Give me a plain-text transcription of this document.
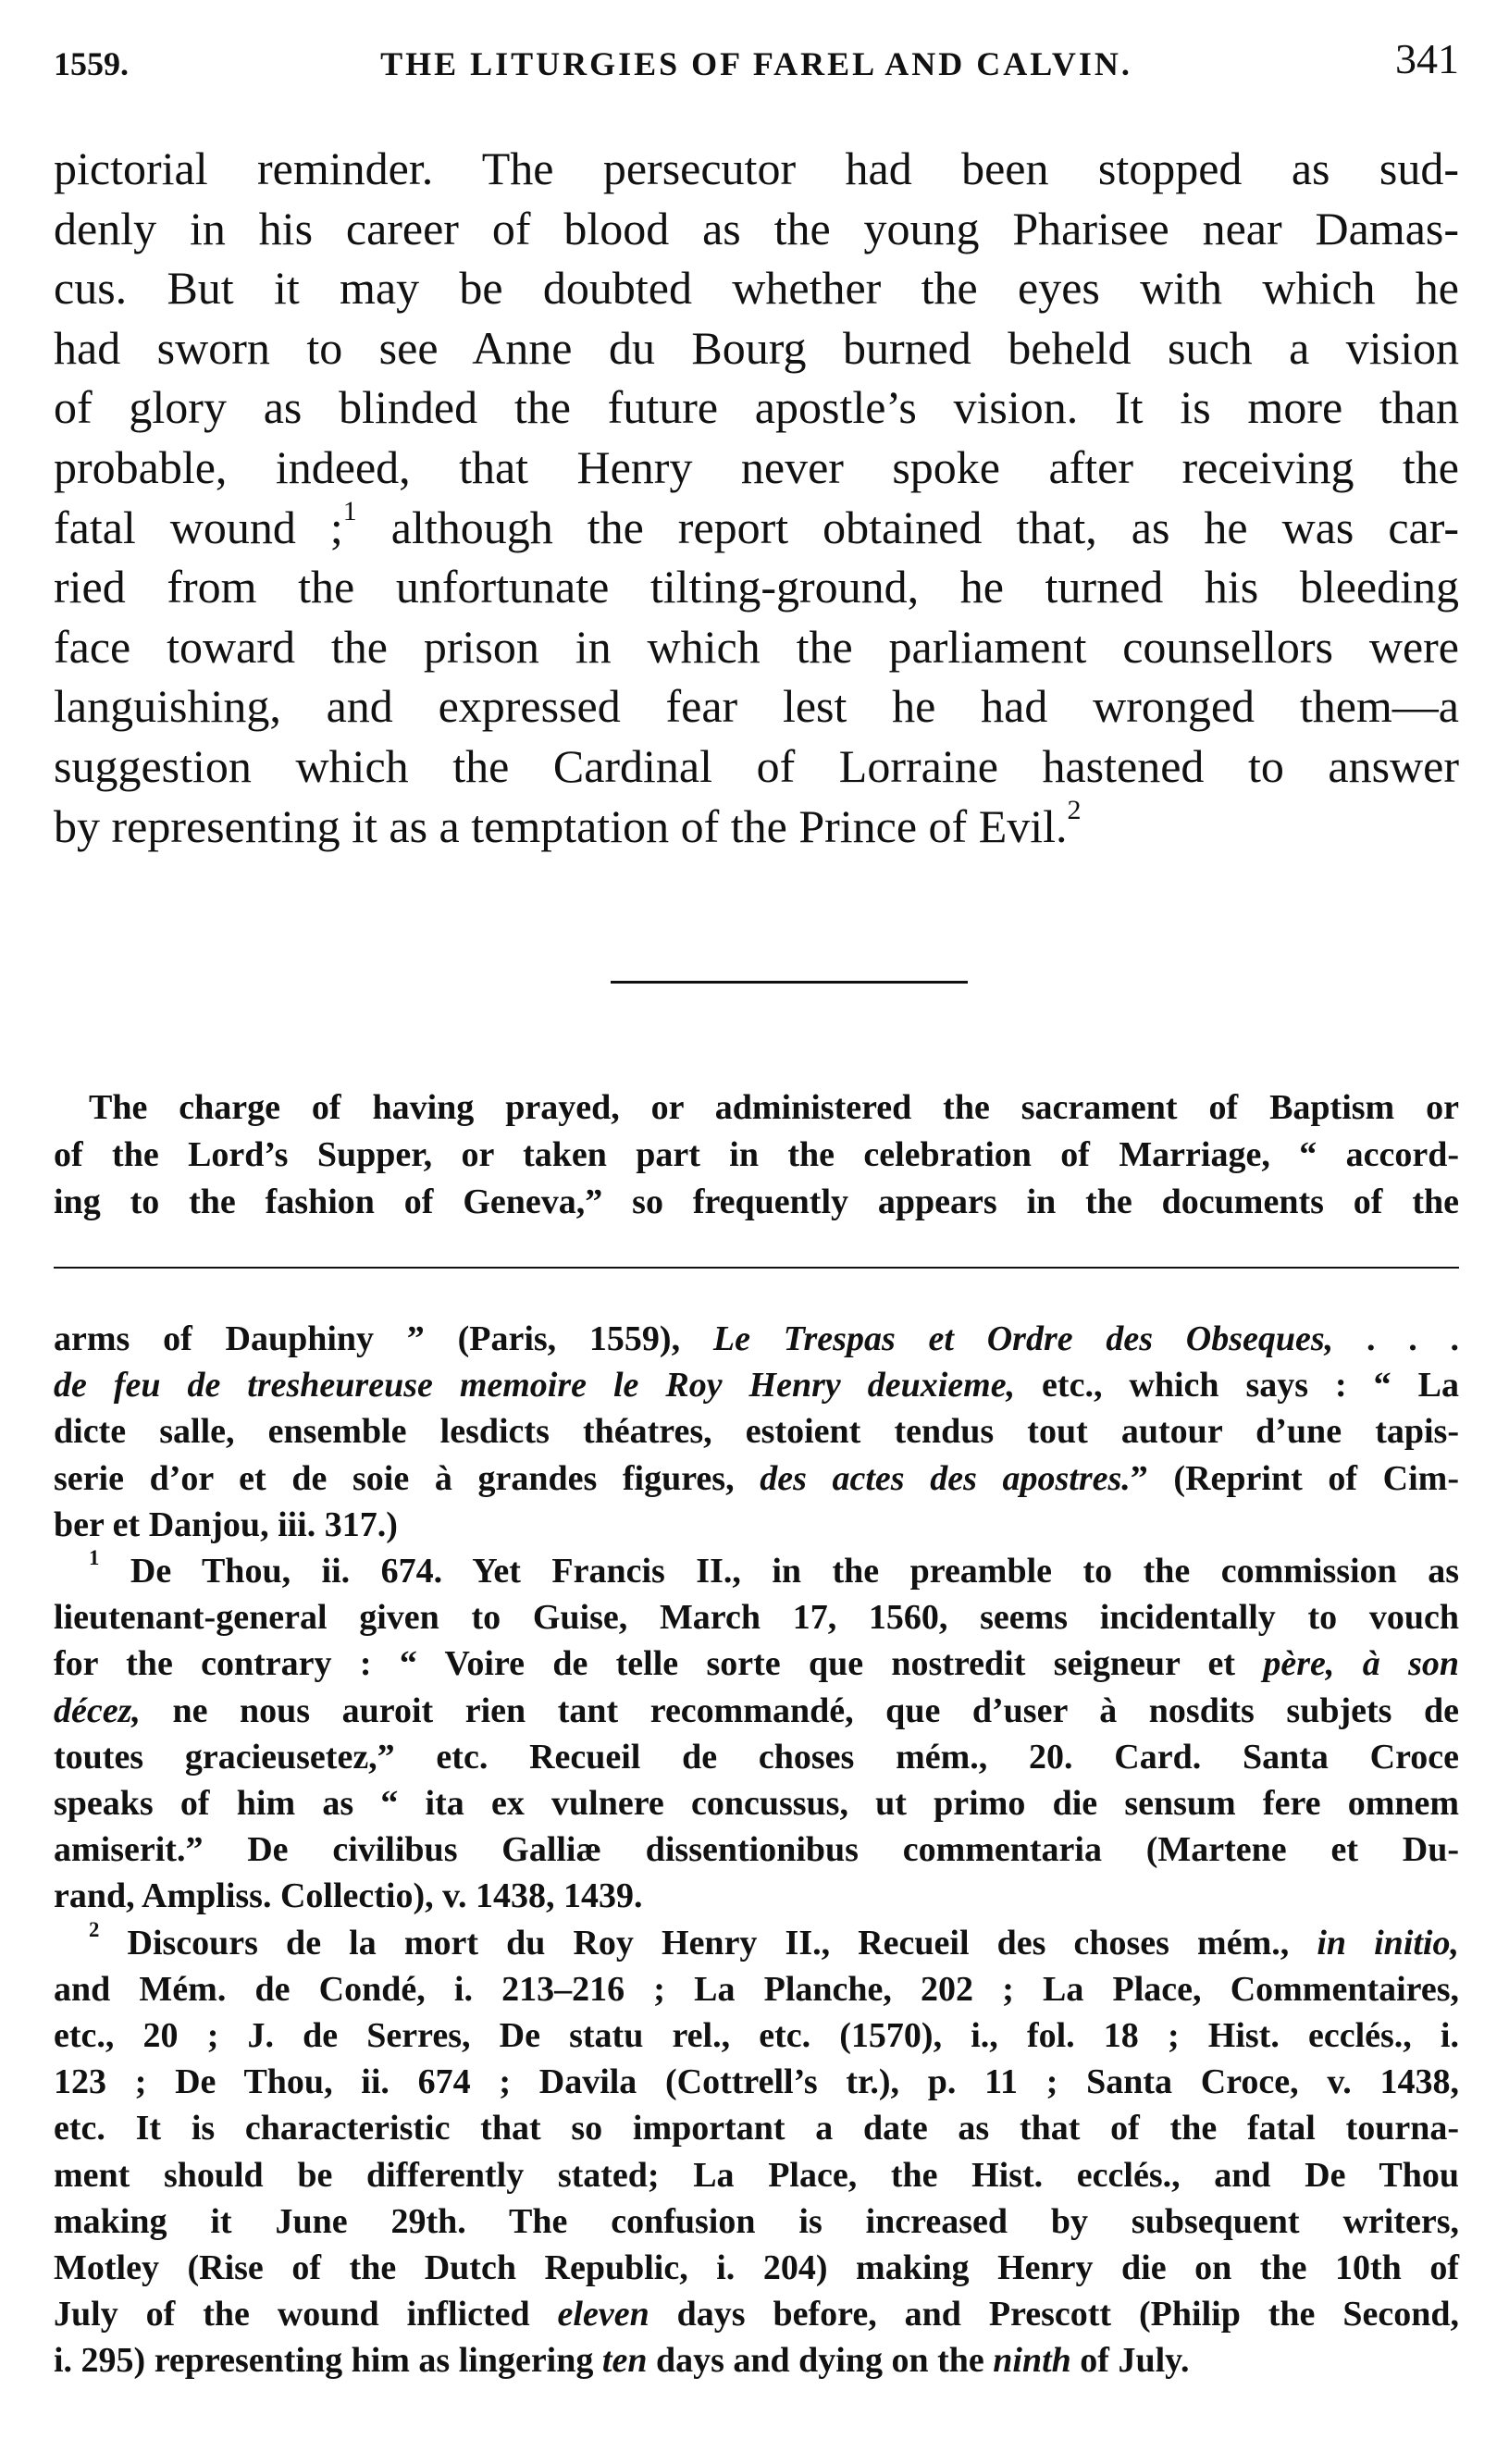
1559.	THE LITURGIES OF FAREL AND CALVIN.	341
pictorial reminder. The persecutor had been stopped as sud-
denly in his career of blood as the young Pharisee near Damas-
cus. But it may be doubted whether the eyes with which he
had sworn to see Anne du Bourg burned beheld such a vision
of glory as blinded the future apostle’s vision. It is more than
probable, indeed, that Henry never spoke after receiving the
fatal wound ;$^1$ although the report obtained that, as he was car-
ried from the unfortunate tilting-ground, he turned his bleeding
face toward the prison in which the parliament counsellors were
languishing, and expressed fear lest he had wronged them—a
suggestion which the Cardinal of Lorraine hastened to answer
by representing it as a temptation of the Prince of Evil.$^2$
The charge of having prayed, or administered the sacrament of Baptism or
of the Lord’s Supper, or taken part in the celebration of Marriage, “ accord-
ing to the fashion of Geneva,” so frequently appears in the documents of the
arms of Dauphiny ” (Paris, 1559), Le Trespas et Ordre des Obseques, . . .
de feu de tresheureuse memoire le Roy Henry deuxieme, etc., which says : “ La
dicte salle, ensemble lesdicts théatres, estoient tendus tout autour d’une tapis-
serie d’or et de soie à grandes figures, des actes des apostres.” (Reprint of Cim-
ber et Danjou, iii. 317.)
$^1$ De Thou, ii. 674. Yet Francis II., in the preamble to the commission as
lieutenant-general given to Guise, March 17, 1560, seems incidentally to vouch
for the contrary : “ Voire de telle sorte que nostredit seigneur et père, à son
décez, ne nous auroit rien tant recommandé, que d’user à nosdits subjets de
toutes gracieusetez,” etc. Recueil de choses mém., 20. Card. Santa Croce
speaks of him as “ ita ex vulnere concussus, ut primo die sensum fere omnem
amiserit.” De civilibus Galliæ dissentionibus commentaria (Martene et Du-
rand, Ampliss. Collectio), v. 1438, 1439.
$^2$ Discours de la mort du Roy Henry II., Recueil des choses mém., in initio,
and Mém. de Condé, i. 213–216 ; La Planche, 202 ; La Place, Commentaires,
etc., 20 ; J. de Serres, De statu rel., etc. (1570), i., fol. 18 ; Hist. ecclés., i.
123 ; De Thou, ii. 674 ; Davila (Cottrell’s tr.), p. 11 ; Santa Croce, v. 1438,
etc. It is characteristic that so important a date as that of the fatal tourna-
ment should be differently stated; La Place, the Hist. ecclés., and De Thou
making it June 29th. The confusion is increased by subsequent writers,
Motley (Rise of the Dutch Republic, i. 204) making Henry die on the 10th of
July of the wound inflicted eleven days before, and Prescott (Philip the Second,
i. 295) representing him as lingering ten days and dying on the ninth of July.
